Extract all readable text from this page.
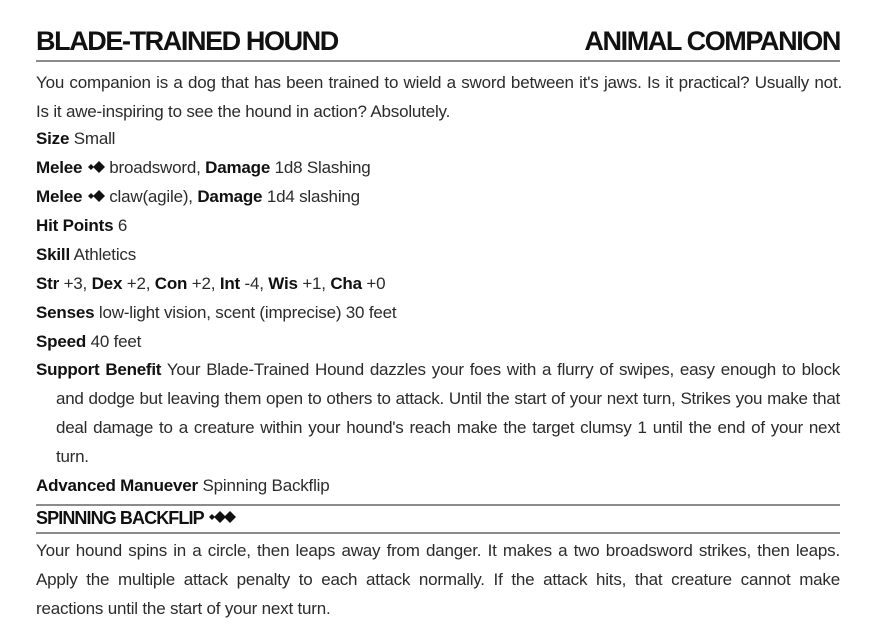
BLADE-TRAINED HOUND	ANIMAL COMPANION
You companion is a dog that has been trained to wield a sword between it's jaws. Is it practical? Usually not. Is it awe-inspiring to see the hound in action? Absolutely.
Size Small
Melee broadsword, Damage 1d8 Slashing
Melee claw(agile), Damage 1d4 slashing
Hit Points 6
Skill Athletics
Str +3, Dex +2, Con +2, Int -4, Wis +1, Cha +0
Senses low-light vision, scent (imprecise) 30 feet
Speed 40 feet
Support Benefit Your Blade-Trained Hound dazzles your foes with a flurry of swipes, easy enough to block and dodge but leaving them open to others to attack. Until the start of your next turn, Strikes you make that deal damage to a creature within your hound's reach make the target clumsy 1 until the end of your next turn.
Advanced Manuever Spinning Backflip
SPINNING BACKFLIP
Your hound spins in a circle, then leaps away from danger. It makes a two broadsword strikes, then leaps. Apply the multiple attack penalty to each attack normally. If the attack hits, that creature cannot make reactions until the start of your next turn.
